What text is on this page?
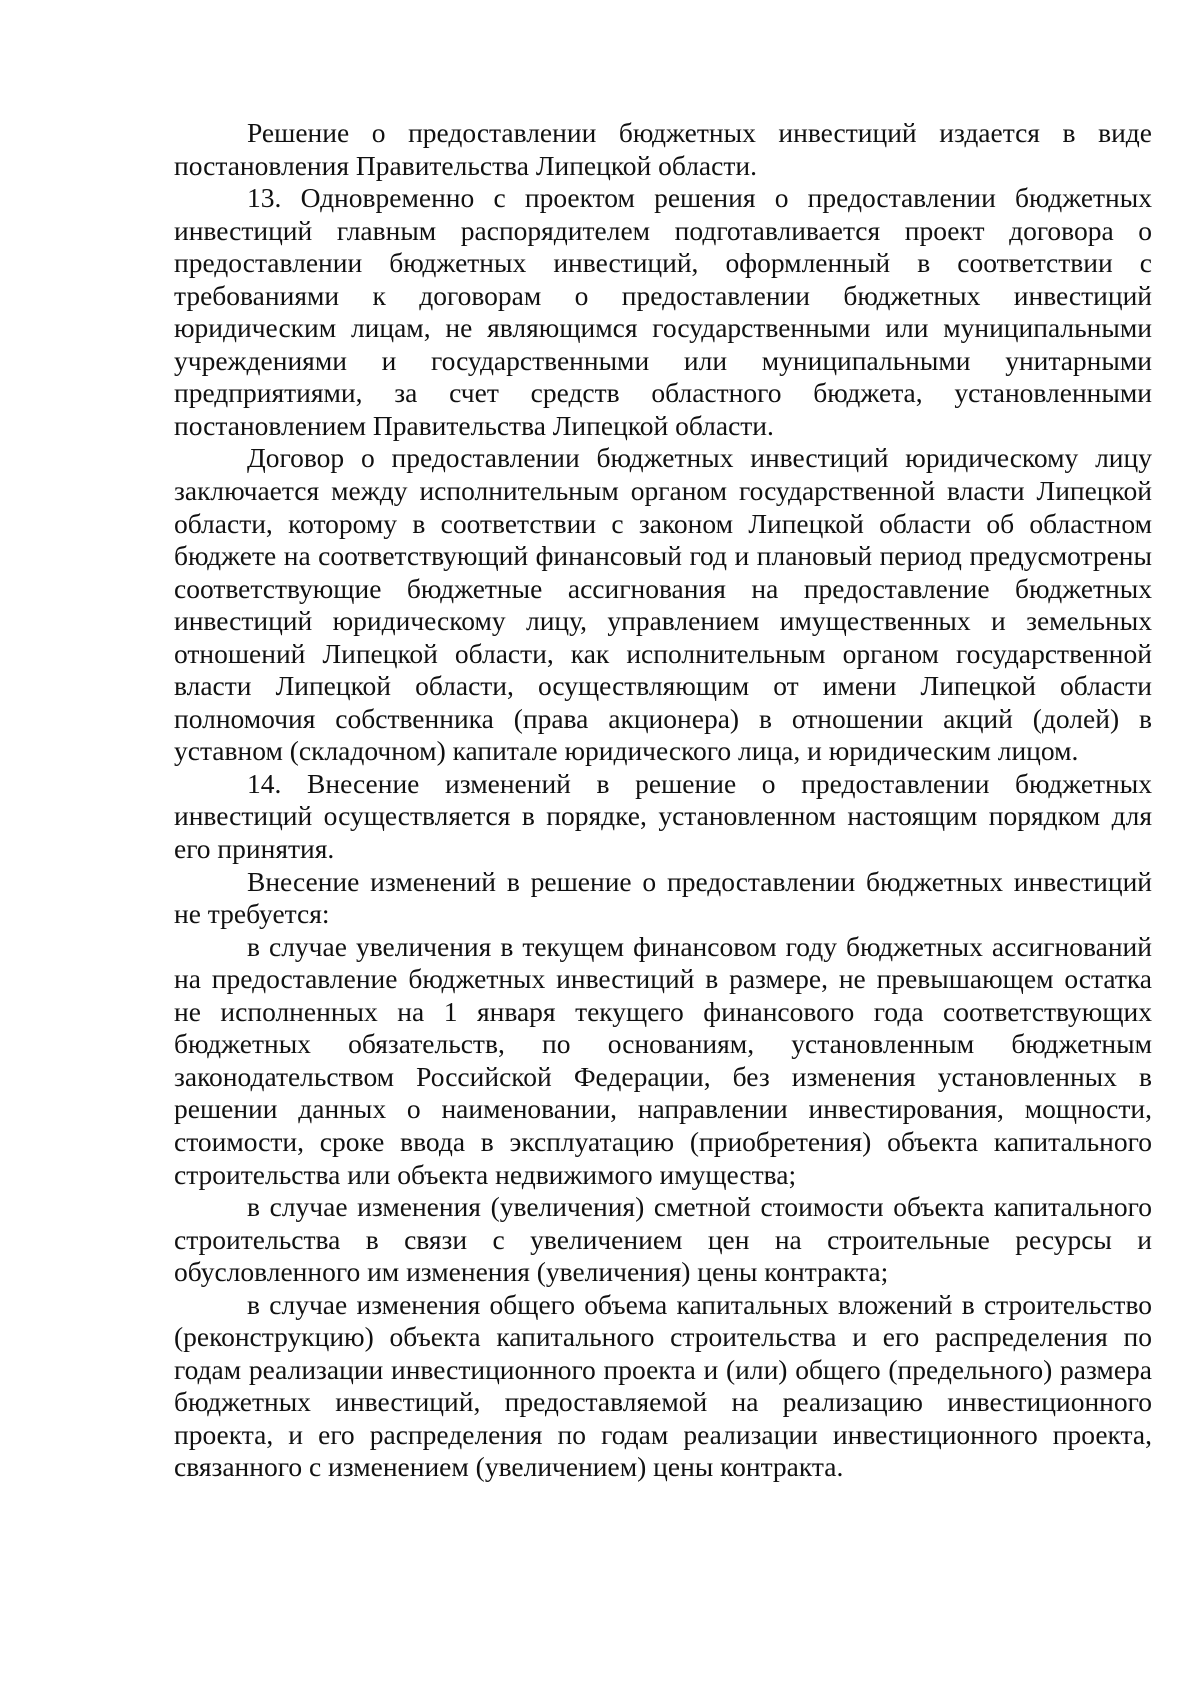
Решение о предоставлении бюджетных инвестиций издается в виде постановления Правительства Липецкой области.

13. Одновременно с проектом решения о предоставлении бюджетных инвестиций главным распорядителем подготавливается проект договора о предоставлении бюджетных инвестиций, оформленный в соответствии с требованиями к договорам о предоставлении бюджетных инвестиций юридическим лицам, не являющимся государственными или муниципальными учреждениями и государственными или муниципальными унитарными предприятиями, за счет средств областного бюджета, установленными постановлением Правительства Липецкой области.

Договор о предоставлении бюджетных инвестиций юридическому лицу заключается между исполнительным органом государственной власти Липецкой области, которому в соответствии с законом Липецкой области об областном бюджете на соответствующий финансовый год и плановый период предусмотрены соответствующие бюджетные ассигнования на предоставление бюджетных инвестиций юридическому лицу, управлением имущественных и земельных отношений Липецкой области, как исполнительным органом государственной власти Липецкой области, осуществляющим от имени Липецкой области полномочия собственника (права акционера) в отношении акций (долей) в уставном (складочном) капитале юридического лица, и юридическим лицом.

14. Внесение изменений в решение о предоставлении бюджетных инвестиций осуществляется в порядке, установленном настоящим порядком для его принятия.

Внесение изменений в решение о предоставлении бюджетных инвестиций не требуется:

в случае увеличения в текущем финансовом году бюджетных ассигнований на предоставление бюджетных инвестиций в размере, не превышающем остатка не исполненных на 1 января текущего финансового года соответствующих бюджетных обязательств, по основаниям, установленным бюджетным законодательством Российской Федерации, без изменения установленных в решении данных о наименовании, направлении инвестирования, мощности, стоимости, сроке ввода в эксплуатацию (приобретения) объекта капитального строительства или объекта недвижимого имущества;

в случае изменения (увеличения) сметной стоимости объекта капитального строительства в связи с увеличением цен на строительные ресурсы и обусловленного им изменения (увеличения) цены контракта;

в случае изменения общего объема капитальных вложений в строительство (реконструкцию) объекта капитального строительства и его распределения по годам реализации инвестиционного проекта и (или) общего (предельного) размера бюджетных инвестиций, предоставляемой на реализацию инвестиционного проекта, и его распределения по годам реализации инвестиционного проекта, связанного с изменением (увеличением) цены контракта.
